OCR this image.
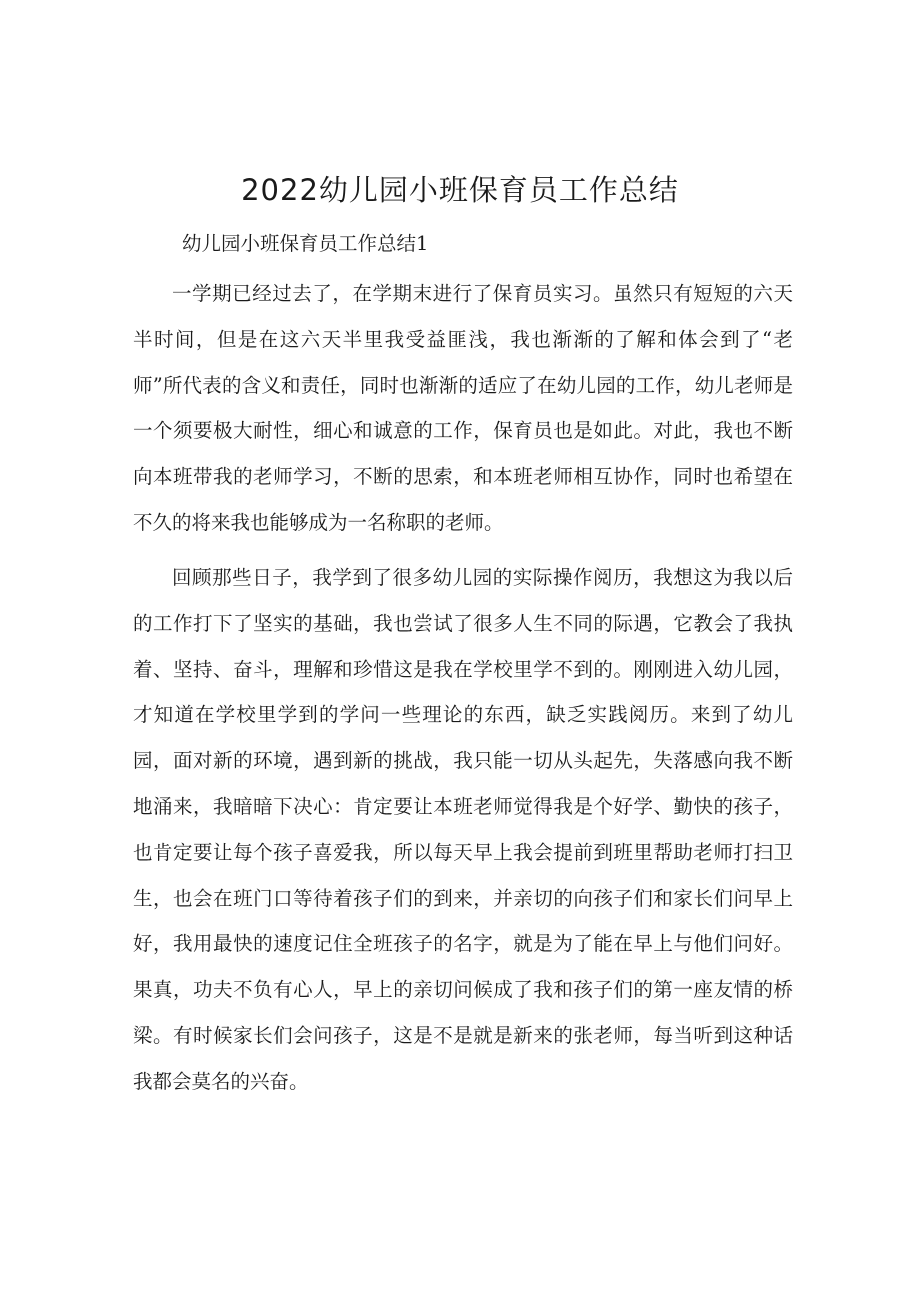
2022幼儿园小班保育员工作总结

幼儿园小班保育员工作总结1

一学期已经过去了，在学期末进行了保育员实习。虽然只有短短的六天半时间，但是在这六天半里我受益匪浅，我也渐渐的了解和体会到了“老师”所代表的含义和责任，同时也渐渐的适应了在幼儿园的工作，幼儿老师是一个须要极大耐性，细心和诚意的工作，保育员也是如此。对此，我也不断向本班带我的老师学习，不断的思索，和本班老师相互协作，同时也希望在不久的将来我也能够成为一名称职的老师。

回顾那些日子，我学到了很多幼儿园的实际操作阅历，我想这为我以后的工作打下了坚实的基础，我也尝试了很多人生不同的际遇，它教会了我执着、坚持、奋斗，理解和珍惜这是我在学校里学不到的。刚刚进入幼儿园，才知道在学校里学到的学问一些理论的东西，缺乏实践阅历。来到了幼儿园，面对新的环境，遇到新的挑战，我只能一切从头起先，失落感向我不断地涌来，我暗暗下决心：肯定要让本班老师觉得我是个好学、勤快的孩子，也肯定要让每个孩子喜爱我，所以每天早上我会提前到班里帮助老师打扫卫生，也会在班门口等待着孩子们的到来，并亲切的向孩子们和家长们问早上好，我用最快的速度记住全班孩子的名字，就是为了能在早上与他们问好。果真，功夫不负有心人，早上的亲切问候成了我和孩子们的第一座友情的桥梁。有时候家长们会问孩子，这是不是就是新来的张老师，每当听到这种话我都会莫名的兴奋。
